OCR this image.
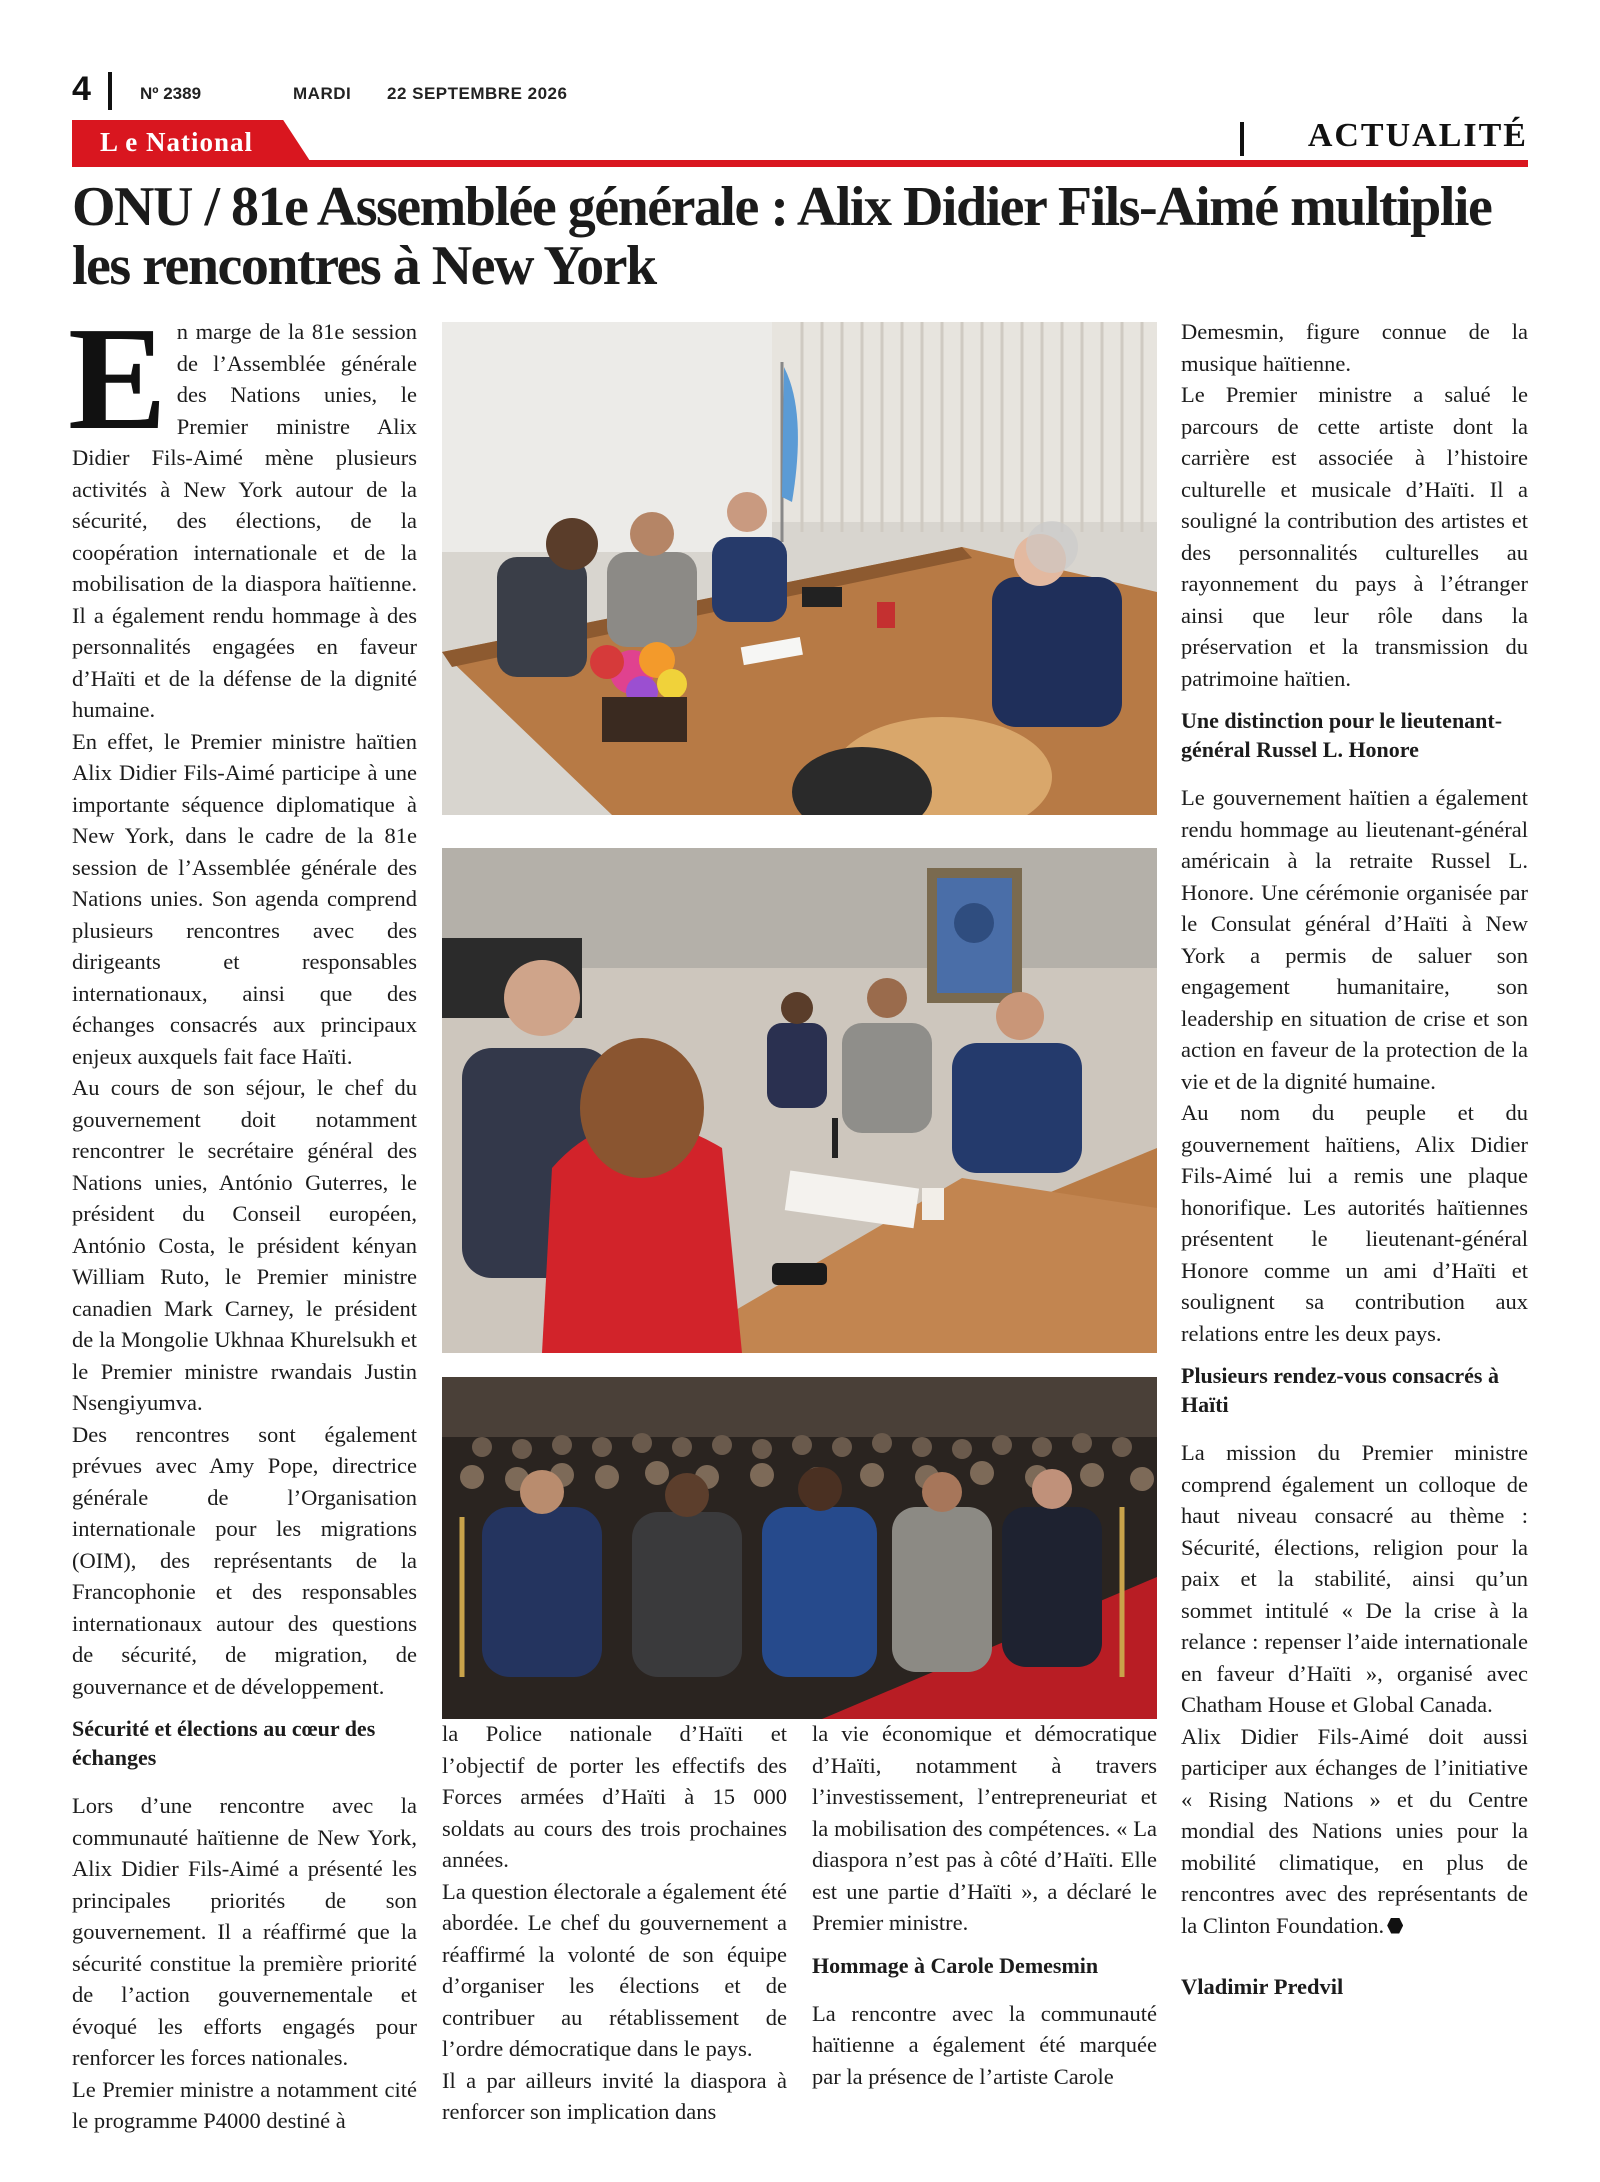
4	Nº 2389	MARDI 22 SEPTEMBRE 2026
L e National	ACTUALITÉ
ONU / 81e Assemblée générale : Alix Didier Fils-Aimé multiplie les rencontres à New York

En marge de la 81e session de l’Assemblée générale des Nations unies, le Premier ministre Alix Didier Fils-Aimé mène plusieurs activités à New York autour de la sécurité, des élections, de la coopération internationale et de la mobilisation de la diaspora haïtienne. Il a également rendu hommage à des personnalités engagées en faveur d’Haïti et de la défense de la dignité humaine.

En effet, le Premier ministre haïtien Alix Didier Fils-Aimé participe à une importante séquence diplomatique à New York, dans le cadre de la 81e session de l’Assemblée générale des Nations unies. Son agenda comprend plusieurs rencontres avec des dirigeants et responsables internationaux, ainsi que des échanges consacrés aux principaux enjeux auxquels fait face Haïti.

Au cours de son séjour, le chef du gouvernement doit notamment rencontrer le secrétaire général des Nations unies, António Guterres, le président du Conseil européen, António Costa, le président kényan William Ruto, le Premier ministre canadien Mark Carney, le président de la Mongolie Ukhnaa Khurelsukh et le Premier ministre rwandais Justin Nsengiyumva.

Des rencontres sont également prévues avec Amy Pope, directrice générale de l’Organisation internationale pour les migrations (OIM), des représentants de la Francophonie et des responsables internationaux autour des questions de sécurité, de migration, de gouvernance et de développement.

Sécurité et élections au cœur des échanges

Lors d’une rencontre avec la communauté haïtienne de New York, Alix Didier Fils-Aimé a présenté les principales priorités de son gouvernement. Il a réaffirmé que la sécurité constitue la première priorité de l’action gouvernementale et évoqué les efforts engagés pour renforcer les forces nationales.

Le Premier ministre a notamment cité le programme P4000 destiné à

la Police nationale d’Haïti et l’objectif de porter les effectifs des Forces armées d’Haïti à 15 000 soldats au cours des trois prochaines années.

La question électorale a également été abordée. Le chef du gouvernement a réaffirmé la volonté de son équipe d’organiser les élections et de contribuer au rétablissement de l’ordre démocratique dans le pays.

Il a par ailleurs invité la diaspora à renforcer son implication dans

la vie économique et démocratique d’Haïti, notamment à travers l’investissement, l’entrepreneuriat et la mobilisation des compétences. « La diaspora n’est pas à côté d’Haïti. Elle est une partie d’Haïti », a déclaré le Premier ministre.

Hommage à Carole Demesmin

La rencontre avec la communauté haïtienne a également été marquée par la présence de l’artiste Carole

Demesmin, figure connue de la musique haïtienne.

Le Premier ministre a salué le parcours de cette artiste dont la carrière est associée à l’histoire culturelle et musicale d’Haïti. Il a souligné la contribution des artistes et des personnalités culturelles au rayonnement du pays à l’étranger ainsi que leur rôle dans la préservation et la transmission du patrimoine haïtien.

Une distinction pour le lieutenant-général Russel L. Honore

Le gouvernement haïtien a également rendu hommage au lieutenant-général américain à la retraite Russel L. Honore. Une cérémonie organisée par le Consulat général d’Haïti à New York a permis de saluer son engagement humanitaire, son leadership en situation de crise et son action en faveur de la protection de la vie et de la dignité humaine.

Au nom du peuple et du gouvernement haïtiens, Alix Didier Fils-Aimé lui a remis une plaque honorifique. Les autorités haïtiennes présentent le lieutenant-général Honore comme un ami d’Haïti et soulignent sa contribution aux relations entre les deux pays.

Plusieurs rendez-vous consacrés à Haïti

La mission du Premier ministre comprend également un colloque de haut niveau consacré au thème : Sécurité, élections, religion pour la paix et la stabilité, ainsi qu’un sommet intitulé « De la crise à la relance : repenser l’aide internationale en faveur d’Haïti », organisé avec Chatham House et Global Canada.

Alix Didier Fils-Aimé doit aussi participer aux échanges de l’initiative « Rising Nations » et du Centre mondial des Nations unies pour la mobilité climatique, en plus de rencontres avec des représentants de la Clinton Foundation.

Vladimir Predvil
